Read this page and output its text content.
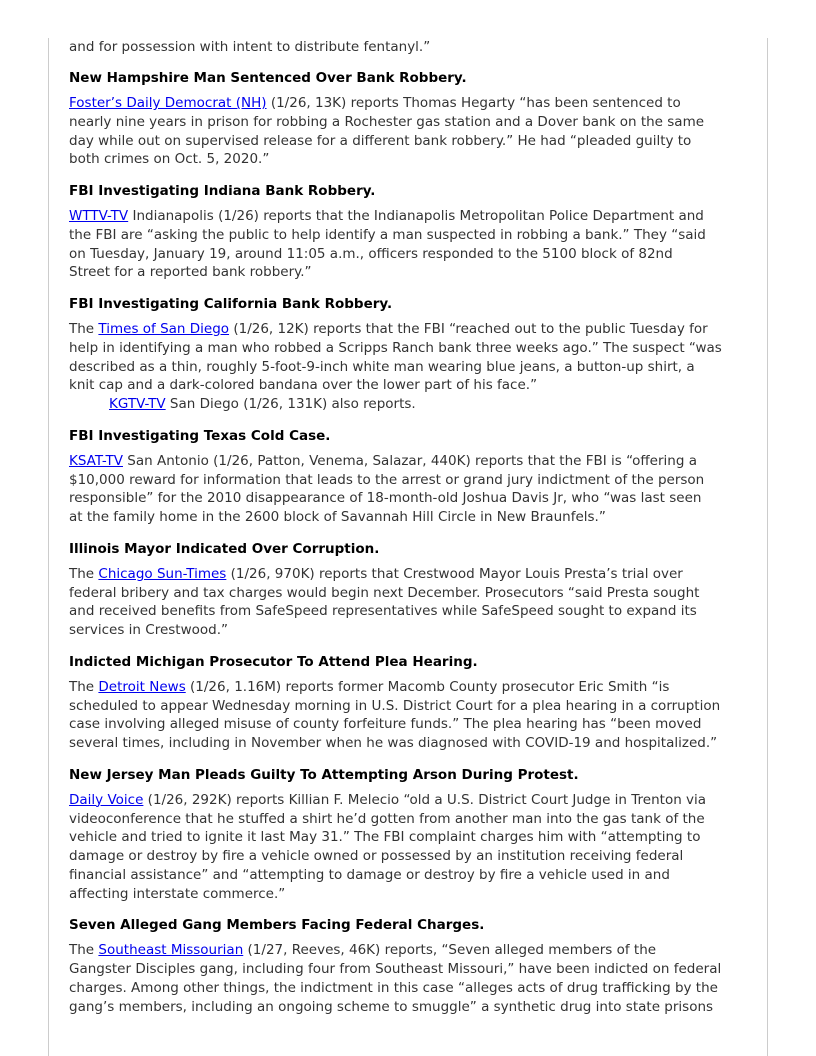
and for possession with intent to distribute fentanyl.”

New Hampshire Man Sentenced Over Bank Robbery.

Foster’s Daily Democrat (NH) (1/26, 13K) reports Thomas Hegarty “has been sentenced to
nearly nine years in prison for robbing a Rochester gas station and a Dover bank on the same
day while out on supervised release for a different bank robbery.” He had “pleaded guilty to
both crimes on Oct. 5, 2020.”

FBI Investigating Indiana Bank Robbery.

WTTV-TV Indianapolis (1/26) reports that the Indianapolis Metropolitan Police Department and
the FBI are “asking the public to help identify a man suspected in robbing a bank.” They “said
on Tuesday, January 19, around 11:05 a.m., officers responded to the 5100 block of 82nd
Street for a reported bank robbery.”

FBI Investigating California Bank Robbery.

The Times of San Diego (1/26, 12K) reports that the FBI “reached out to the public Tuesday for
help in identifying a man who robbed a Scripps Ranch bank three weeks ago.” The suspect “was
described as a thin, roughly 5-foot-9-inch white man wearing blue jeans, a button-up shirt, a
knit cap and a dark-colored bandana over the lower part of his face.”
KGTV-TV San Diego (1/26, 131K) also reports.

FBI Investigating Texas Cold Case.

KSAT-TV San Antonio (1/26, Patton, Venema, Salazar, 440K) reports that the FBI is “offering a
$10,000 reward for information that leads to the arrest or grand jury indictment of the person
responsible” for the 2010 disappearance of 18-month-old Joshua Davis Jr, who “was last seen
at the family home in the 2600 block of Savannah Hill Circle in New Braunfels.”

Illinois Mayor Indicated Over Corruption.

The Chicago Sun-Times (1/26, 970K) reports that Crestwood Mayor Louis Presta’s trial over
federal bribery and tax charges would begin next December. Prosecutors “said Presta sought
and received benefits from SafeSpeed representatives while SafeSpeed sought to expand its
services in Crestwood.”

Indicted Michigan Prosecutor To Attend Plea Hearing.

The Detroit News (1/26, 1.16M) reports former Macomb County prosecutor Eric Smith “is
scheduled to appear Wednesday morning in U.S. District Court for a plea hearing in a corruption
case involving alleged misuse of county forfeiture funds.” The plea hearing has “been moved
several times, including in November when he was diagnosed with COVID-19 and hospitalized.”

New Jersey Man Pleads Guilty To Attempting Arson During Protest.

Daily Voice (1/26, 292K) reports Killian F. Melecio “old a U.S. District Court Judge in Trenton via
videoconference that he stuffed a shirt he’d gotten from another man into the gas tank of the
vehicle and tried to ignite it last May 31.” The FBI complaint charges him with “attempting to
damage or destroy by fire a vehicle owned or possessed by an institution receiving federal
financial assistance” and “attempting to damage or destroy by fire a vehicle used in and
affecting interstate commerce.”

Seven Alleged Gang Members Facing Federal Charges.

The Southeast Missourian (1/27, Reeves, 46K) reports, “Seven alleged members of the
Gangster Disciples gang, including four from Southeast Missouri,” have been indicted on federal
charges. Among other things, the indictment in this case “alleges acts of drug trafficking by the
gang’s members, including an ongoing scheme to smuggle” a synthetic drug into state prisons
